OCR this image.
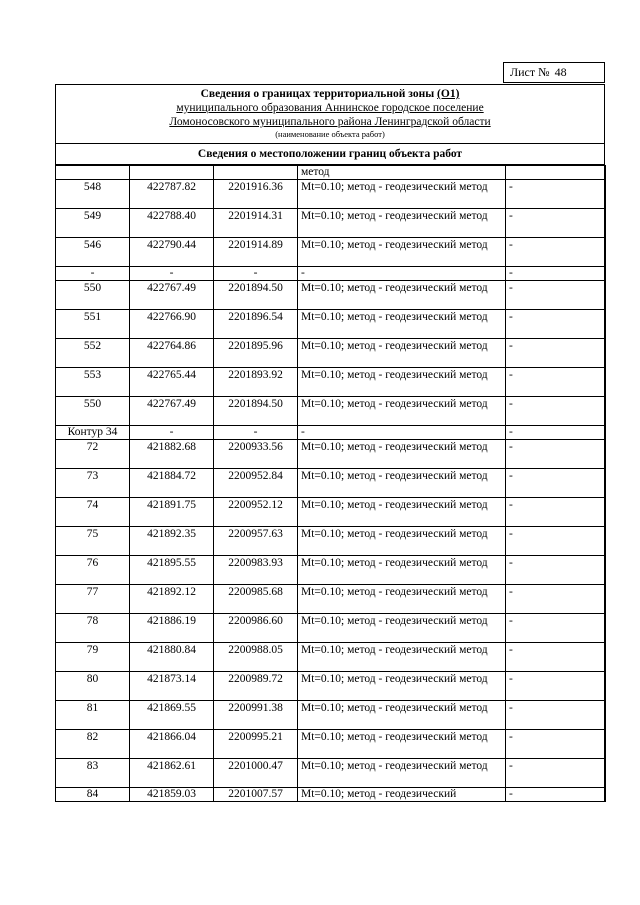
Лист № 48
Сведения о границах территориальной зоны (О1)
муниципального образования Аннинское городское поселение
Ломоносовского муниципального района Ленинградской области
(наименование объекта работ)
Сведения о местоположении границ объекта работ
			метод	
548	422787.82	2201916.36	Mt=0.10; метод - геодезический метод	-
549	422788.40	2201914.31	Mt=0.10; метод - геодезический метод	-
546	422790.44	2201914.89	Mt=0.10; метод - геодезический метод	-
-	-	-	-	-
550	422767.49	2201894.50	Mt=0.10; метод - геодезический метод	-
551	422766.90	2201896.54	Mt=0.10; метод - геодезический метод	-
552	422764.86	2201895.96	Mt=0.10; метод - геодезический метод	-
553	422765.44	2201893.92	Mt=0.10; метод - геодезический метод	-
550	422767.49	2201894.50	Mt=0.10; метод - геодезический метод	-
Контур 34	-	-	-	-
72	421882.68	2200933.56	Mt=0.10; метод - геодезический метод	-
73	421884.72	2200952.84	Mt=0.10; метод - геодезический метод	-
74	421891.75	2200952.12	Mt=0.10; метод - геодезический метод	-
75	421892.35	2200957.63	Mt=0.10; метод - геодезический метод	-
76	421895.55	2200983.93	Mt=0.10; метод - геодезический метод	-
77	421892.12	2200985.68	Mt=0.10; метод - геодезический метод	-
78	421886.19	2200986.60	Mt=0.10; метод - геодезический метод	-
79	421880.84	2200988.05	Mt=0.10; метод - геодезический метод	-
80	421873.14	2200989.72	Mt=0.10; метод - геодезический метод	-
81	421869.55	2200991.38	Mt=0.10; метод - геодезический метод	-
82	421866.04	2200995.21	Mt=0.10; метод - геодезический метод	-
83	421862.61	2201000.47	Mt=0.10; метод - геодезический метод	-
84	421859.03	2201007.57	Mt=0.10; метод - геодезический	-
